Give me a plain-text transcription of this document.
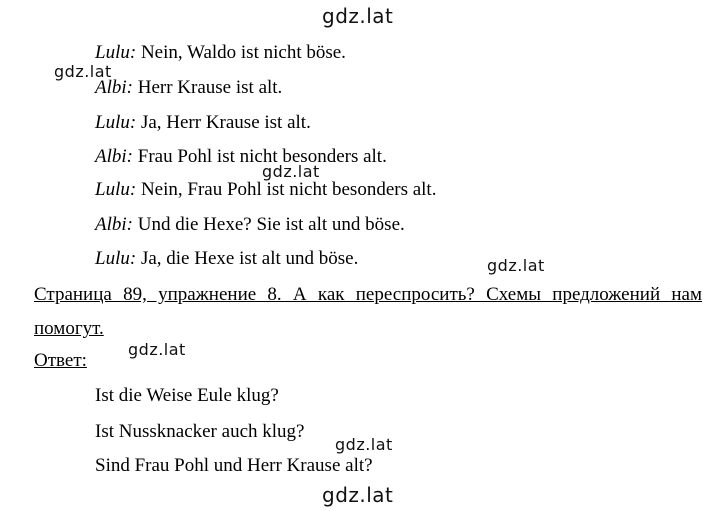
gdz.lat
Lulu: Nein, Waldo ist nicht böse.
Albi: Herr Krause ist alt.
Lulu: Ja, Herr Krause ist alt.
Albi: Frau Pohl ist nicht besonders alt.
Lulu: Nein, Frau Pohl ist nicht besonders alt.
Albi: Und die Hexe? Sie ist alt und böse.
Lulu: Ja, die Hexe ist alt und böse.
Страница 89, упражнение 8. А как переспросить? Схемы предложений нам
помогут.
Ответ:
Ist die Weise Eule klug?
Ist Nussknacker auch klug?
Sind Frau Pohl und Herr Krause alt?
gdz.lat
gdz.lat
gdz.lat
gdz.lat
gdz.lat
gdz.lat
